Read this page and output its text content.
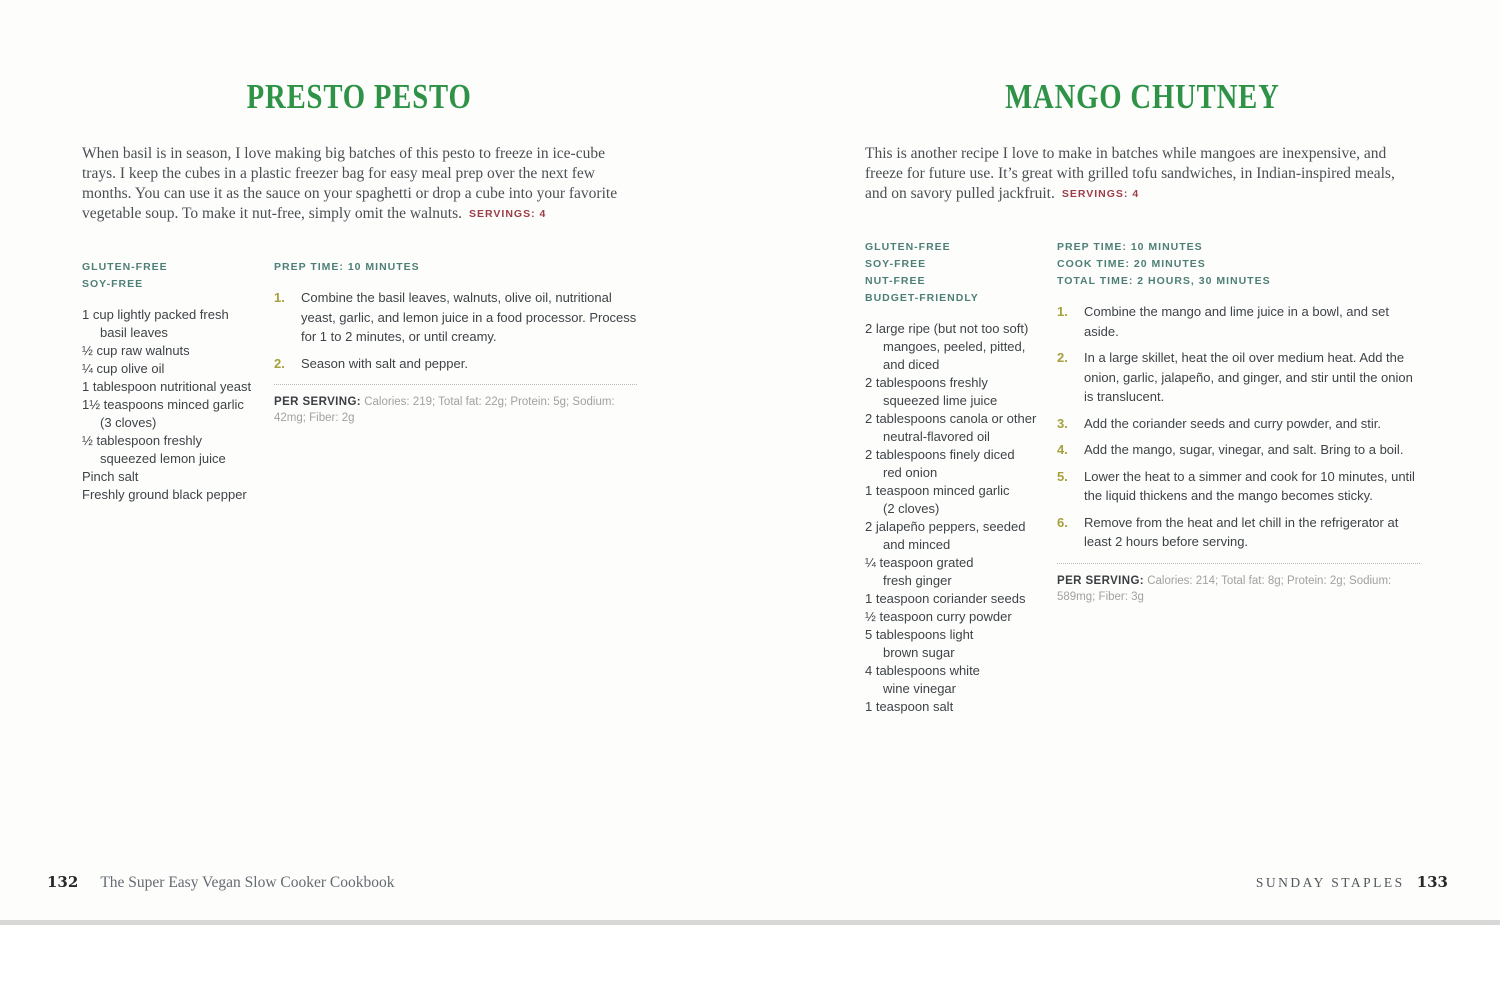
PRESTO PESTO

When basil is in season, I love making big batches of this pesto to freeze in ice-cube trays. I keep the cubes in a plastic freezer bag for easy meal prep over the next few months. You can use it as the sauce on your spaghetti or drop a cube into your favorite vegetable soup. To make it nut-free, simply omit the walnuts. SERVINGS: 4

GLUTEN-FREE
SOY-FREE
1 cup lightly packed fresh
basil leaves
½ cup raw walnuts
¼ cup olive oil
1 tablespoon nutritional yeast
1½ teaspoons minced garlic
(3 cloves)
½ tablespoon freshly
squeezed lemon juice
Pinch salt
Freshly ground black pepper
PREP TIME: 10 MINUTES
1.	Combine the basil leaves, walnuts, olive oil, nutritional yeast, garlic, and lemon juice in a food processor. Process for 1 to 2 minutes, or until creamy.
2.	Season with salt and pepper.

PER SERVING: Calories: 219; Total fat: 22g; Protein: 5g; Sodium: 42mg; Fiber: 2g

132 The Super Easy Vegan Slow Cooker Cookbook
MANGO CHUTNEY

This is another recipe I love to make in batches while mangoes are inexpensive, and freeze for future use. It’s great with grilled tofu sandwiches, in Indian-inspired meals, and on savory pulled jackfruit. SERVINGS: 4

GLUTEN-FREE
SOY-FREE
NUT-FREE
BUDGET-FRIENDLY
2 large ripe (but not too soft)
mangoes, peeled, pitted,
and diced
2 tablespoons freshly
squeezed lime juice
2 tablespoons canola or other
neutral-flavored oil
2 tablespoons finely diced
red onion
1 teaspoon minced garlic
(2 cloves)
2 jalapeño peppers, seeded
and minced
¼ teaspoon grated
fresh ginger
1 teaspoon coriander seeds
½ teaspoon curry powder
5 tablespoons light
brown sugar
4 tablespoons white
wine vinegar
1 teaspoon salt
PREP TIME: 10 MINUTES
COOK TIME: 20 MINUTES
TOTAL TIME: 2 HOURS, 30 MINUTES
1.	Combine the mango and lime juice in a bowl, and set aside.
2.	In a large skillet, heat the oil over medium heat. Add the onion, garlic, jalapeño, and ginger, and stir until the onion is translucent.
3.	Add the coriander seeds and curry powder, and stir.
4.	Add the mango, sugar, vinegar, and salt. Bring to a boil.
5.	Lower the heat to a simmer and cook for 10 minutes, until the liquid thickens and the mango becomes sticky.
6.	Remove from the heat and let chill in the refrigerator at least 2 hours before serving.

PER SERVING: Calories: 214; Total fat: 8g; Protein: 2g; Sodium: 589mg; Fiber: 3g

SUNDAY STAPLES 133
